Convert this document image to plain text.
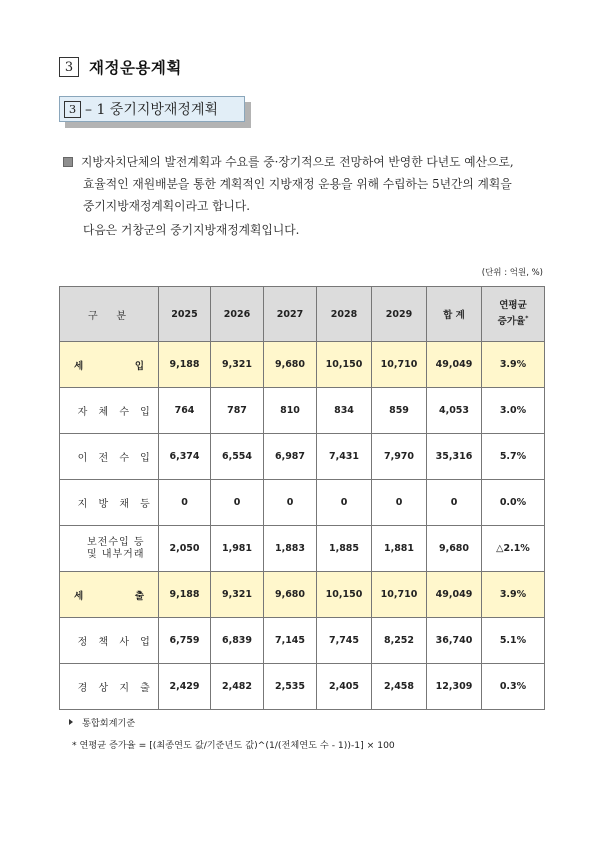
3	재정운용계획
3 – 1 중기지방재정계획
지방자치단체의 발전계획과 수요를 중·장기적으로 전망하여 반영한 다년도 예산으로,
효율적인 재원배분을 통한 계획적인 지방재정 운용을 위해 수립하는 5년간의 계획을
중기지방재정계획이라고 합니다.
다음은 거창군의 중기지방재정계획입니다.
(단위 : 억원, %)
구 분		2025	2026	2027	2028	2029	합 계	연평균
증가율*

세 입		9,188	9,321	9,680	10,150	10,710	49,049	3.9%
	자 체 수 입	764	787	810	834	859	4,053	3.0%
	이 전 수 입	6,374	6,554	6,987	7,431	7,970	35,316	5.7%
	지 방 채 등	0	0	0	0	0	0	0.0%

	보전수입 등
및 내부거래	2,050	1,981	1,883	1,885	1,881	9,680	△2.1%

세 출		9,188	9,321	9,680	10,150	10,710	49,049	3.9%
	정 책 사 업	6,759	6,839	7,145	7,745	8,252	36,740	5.1%
	경 상 지 출	2,429	2,482	2,535	2,405	2,458	12,309	0.3%
통합회계기준
* 연평균 증가율 = [(최종연도 값/기준년도 값)^(1/(전체연도 수 - 1))-1] × 100
